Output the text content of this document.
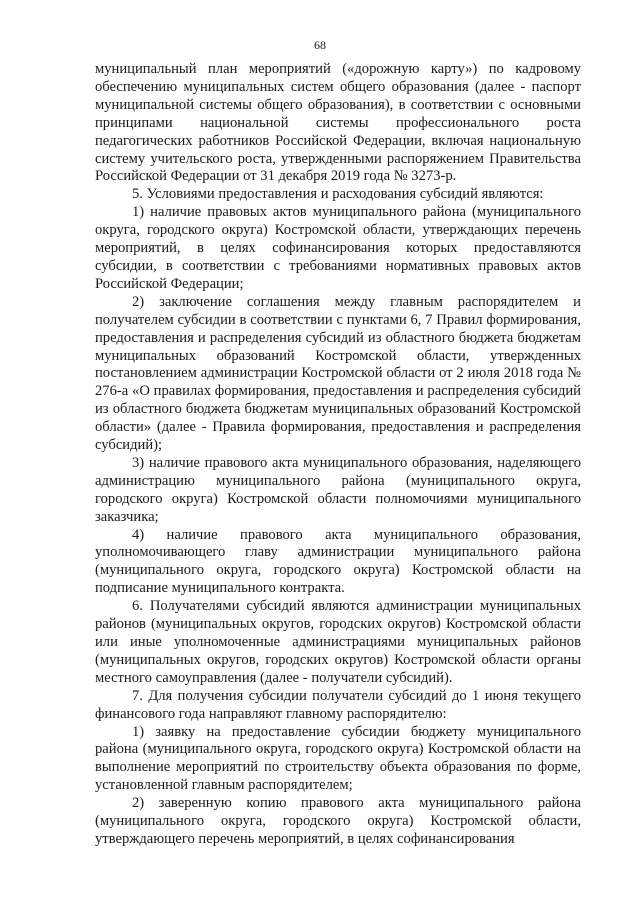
68

муниципальный план мероприятий («дорожную карту») по кадровому обеспечению муниципальных систем общего образования (далее - паспорт муниципальной системы общего образования), в соответствии с основными принципами национальной системы профессионального роста педагогических работников Российской Федерации, включая национальную систему учительского роста, утвержденными распоряжением Правительства Российской Федерации от 31 декабря 2019 года № 3273-р.

5. Условиями предоставления и расходования субсидий являются:

1) наличие правовых актов муниципального района (муниципального округа, городского округа) Костромской области, утверждающих перечень мероприятий, в целях софинансирования которых предоставляются субсидии, в соответствии с требованиями нормативных правовых актов Российской Федерации;

2) заключение соглашения между главным распорядителем и получателем субсидии в соответствии с пунктами 6, 7 Правил формирования, предоставления и распределения субсидий из областного бюджета бюджетам муниципальных образований Костромской области, утвержденных постановлением администрации Костромской области от 2 июля 2018 года № 276-а «О правилах формирования, предоставления и распределения субсидий из областного бюджета бюджетам муниципальных образований Костромской области» (далее - Правила формирования, предоставления и распределения субсидий);

3) наличие правового акта муниципального образования, наделяющего администрацию муниципального района (муниципального округа, городского округа) Костромской области полномочиями муниципального заказчика;

4) наличие правового акта муниципального образования, уполномочивающего главу администрации муниципального района (муниципального округа, городского округа) Костромской области на подписание муниципального контракта.

6. Получателями субсидий являются администрации муниципальных районов (муниципальных округов, городских округов) Костромской области или иные уполномоченные администрациями муниципальных районов (муниципальных округов, городских округов) Костромской области органы местного самоуправления (далее - получатели субсидий).

7. Для получения субсидии получатели субсидий до 1 июня текущего финансового года направляют главному распорядителю:

1) заявку на предоставление субсидии бюджету муниципального района (муниципального округа, городского округа) Костромской области на выполнение мероприятий по строительству объекта образования по форме, установленной главным распорядителем;

2) заверенную копию правового акта муниципального района (муниципального округа, городского округа) Костромской области, утверждающего перечень мероприятий, в целях софинансирования
